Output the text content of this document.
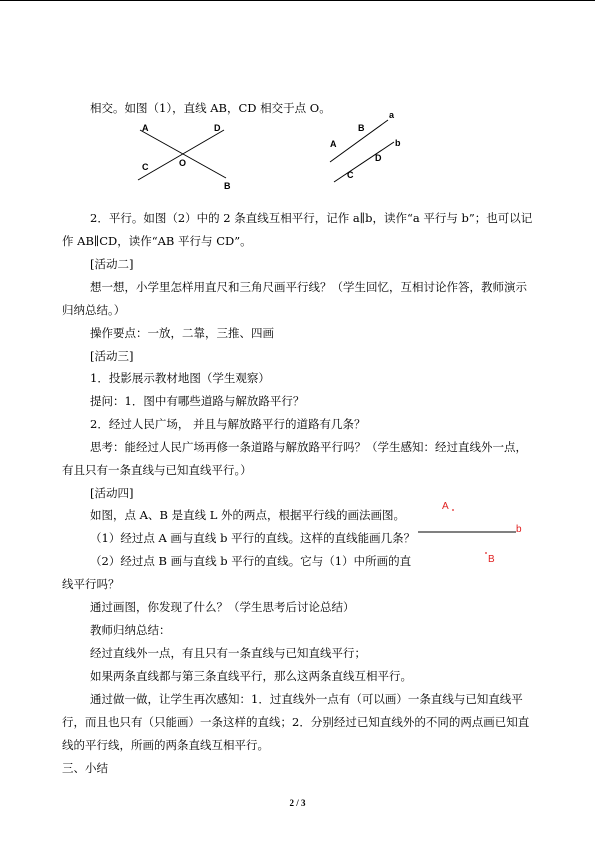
相交。如图（1），直线 AB，CD 相交于点 O。
A	D
C	O
B
a
B
A	b
D
C
2．平行。如图（2）中的 2 条直线互相平行，记作 a∥b，读作“a 平行与 b”；也可以记
作 AB∥CD，读作“AB 平行与 CD”。
[活动二]
想一想，小学里怎样用直尺和三角尺画平行线？（学生回忆，互相讨论作答，教师演示
归纳总结。）
操作要点：一放，二靠，三推、四画
[活动三]
1．投影展示教材地图（学生观察）
提问：1．图中有哪些道路与解放路平行？
2．经过人民广场， 并且与解放路平行的道路有几条？
思考：能经过人民广场再修一条道路与解放路平行吗？（学生感知：经过直线外一点，
有且只有一条直线与已知直线平行。）
[活动四]
如图，点 A、B 是直线 L 外的两点，根据平行线的画法画图。
（1）经过点 A 画与直线 b 平行的直线。这样的直线能画几条？
（2）经过点 B 画与直线 b 平行的直线。它与（1）中所画的直
线平行吗？
A
b
B
通过画图，你发现了什么？（学生思考后讨论总结）
教师归纳总结：
经过直线外一点，有且只有一条直线与已知直线平行；
如果两条直线都与第三条直线平行，那么这两条直线互相平行。
通过做一做，让学生再次感知：1．过直线外一点有（可以画）一条直线与已知直线平
行，而且也只有（只能画）一条这样的直线；2．分别经过已知直线外的不同的两点画已知直
线的平行线，所画的两条直线互相平行。
三、小结
2 / 3
